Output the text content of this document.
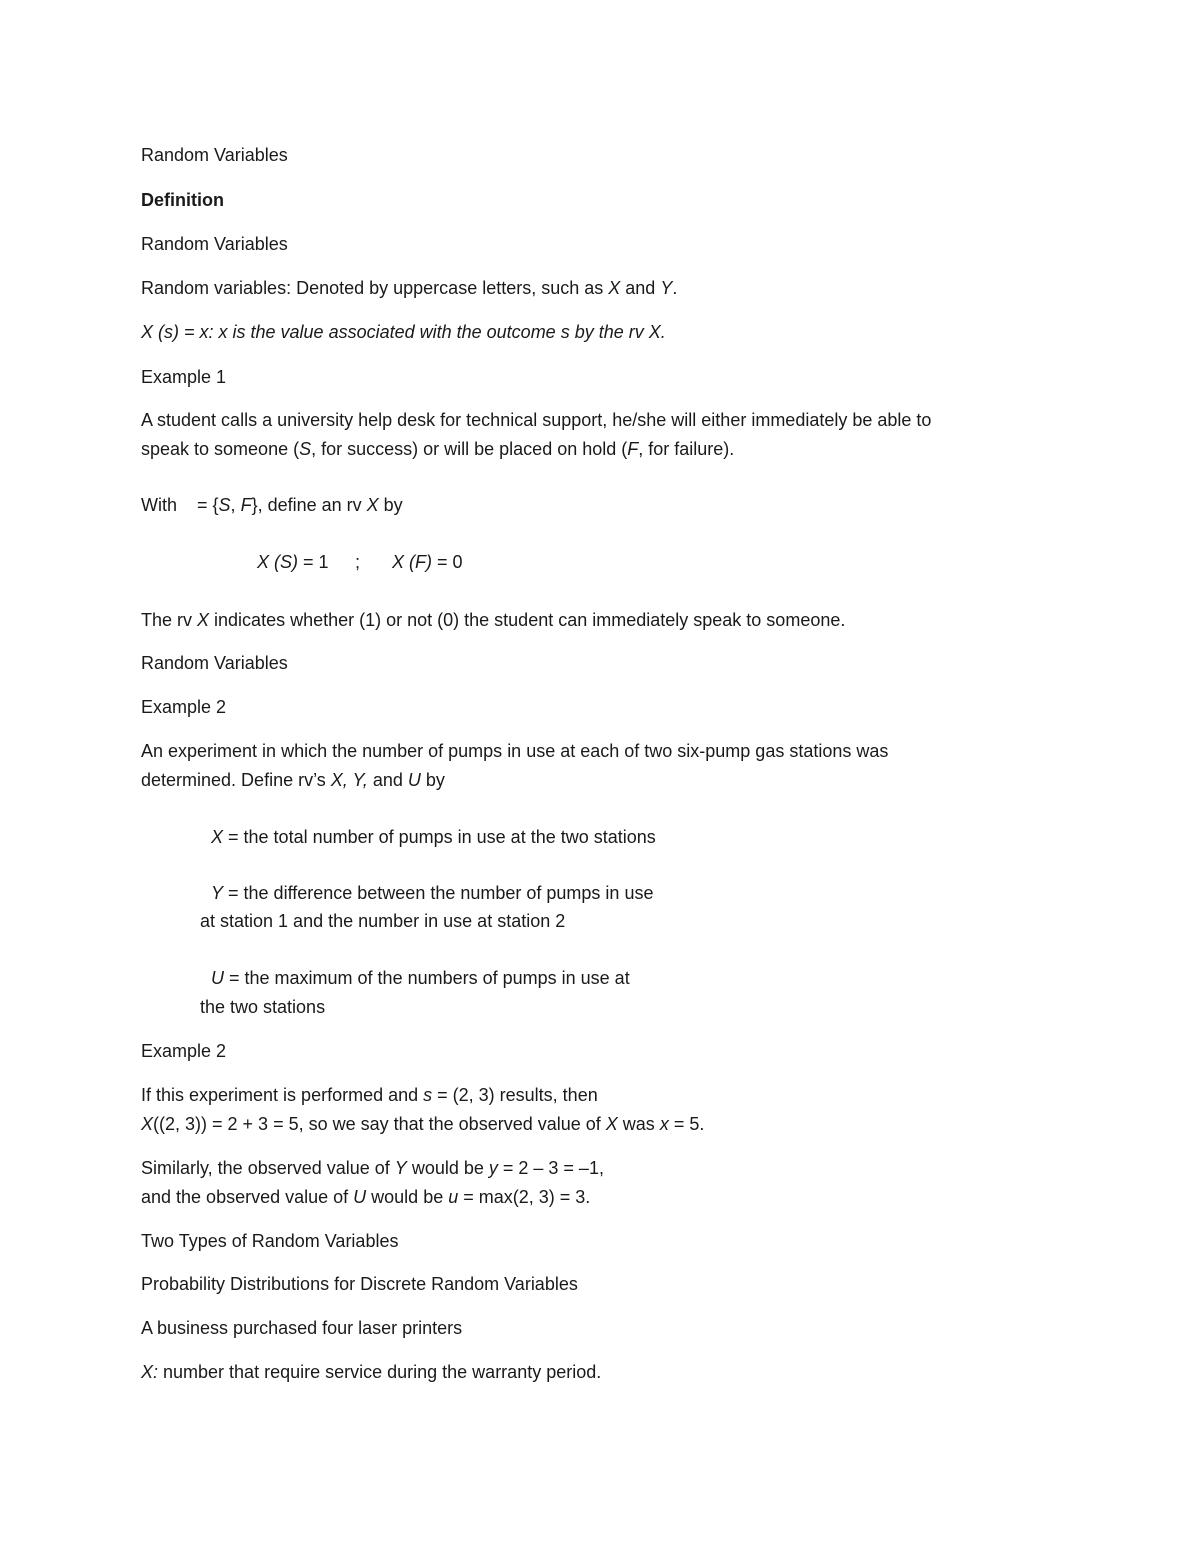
Random Variables
Definition
Random Variables
Random variables: Denoted by uppercase letters, such as X and Y.
X (s) = x: x is the value associated with the outcome s by the rv X.
Example 1
A student calls a university help desk for technical support, he/she will either immediately be able to
speak to someone (S, for success) or will be placed on hold (F, for failure).
With    = {S, F}, define an rv X by
X (S) = 1 ; X (F) = 0
The rv X indicates whether (1) or not (0) the student can immediately speak to someone.
Random Variables
Example 2
An experiment in which the number of pumps in use at each of two six-pump gas stations was
determined. Define rv’s X, Y, and U by
X = the total number of pumps in use at the two stations
Y = the difference between the number of pumps in use
at station 1 and the number in use at station 2
U = the maximum of the numbers of pumps in use at
the two stations
Example 2
If this experiment is performed and s = (2, 3) results, then
X((2, 3)) = 2 + 3 = 5, so we say that the observed value of X was x = 5.
Similarly, the observed value of Y would be y = 2 – 3 = –1,
and the observed value of U would be u = max(2, 3) = 3.
Two Types of Random Variables
Probability Distributions for Discrete Random Variables
A business purchased four laser printers
X: number that require service during the warranty period.
